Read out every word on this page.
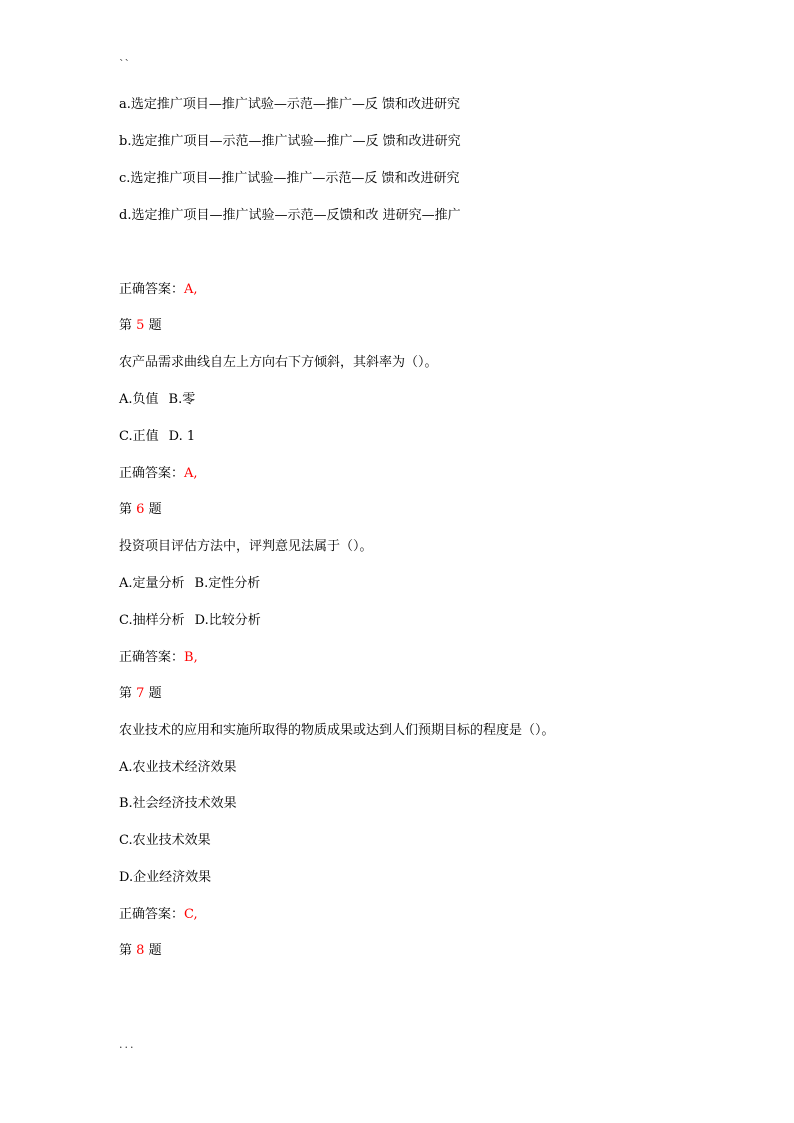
``
a.选定推广项目—推广试验—示范—推广—反 馈和改进研究
b.选定推广项目—示范—推广试验—推广—反 馈和改进研究
c.选定推广项目—推广试验—推广—示范—反 馈和改进研究
d.选定推广项目—推广试验—示范—反馈和改 进研究—推广
正确答案：A,
第 5 题
农产品需求曲线自左上方向右下方倾斜，其斜率为（）。
A.负值 B.零
C.正值 D. 1
正确答案：A,
第 6 题
投资项目评估方法中，评判意见法属于（）。
A.定量分析 B.定性分析
C.抽样分析 D.比较分析
正确答案：B,
第 7 题
农业技术的应用和实施所取得的物质成果或达到人们预期目标的程度是（）。
A.农业技术经济效果
B.社会经济技术效果
C.农业技术效果
D.企业经济效果
正确答案：C,
第 8 题
...
